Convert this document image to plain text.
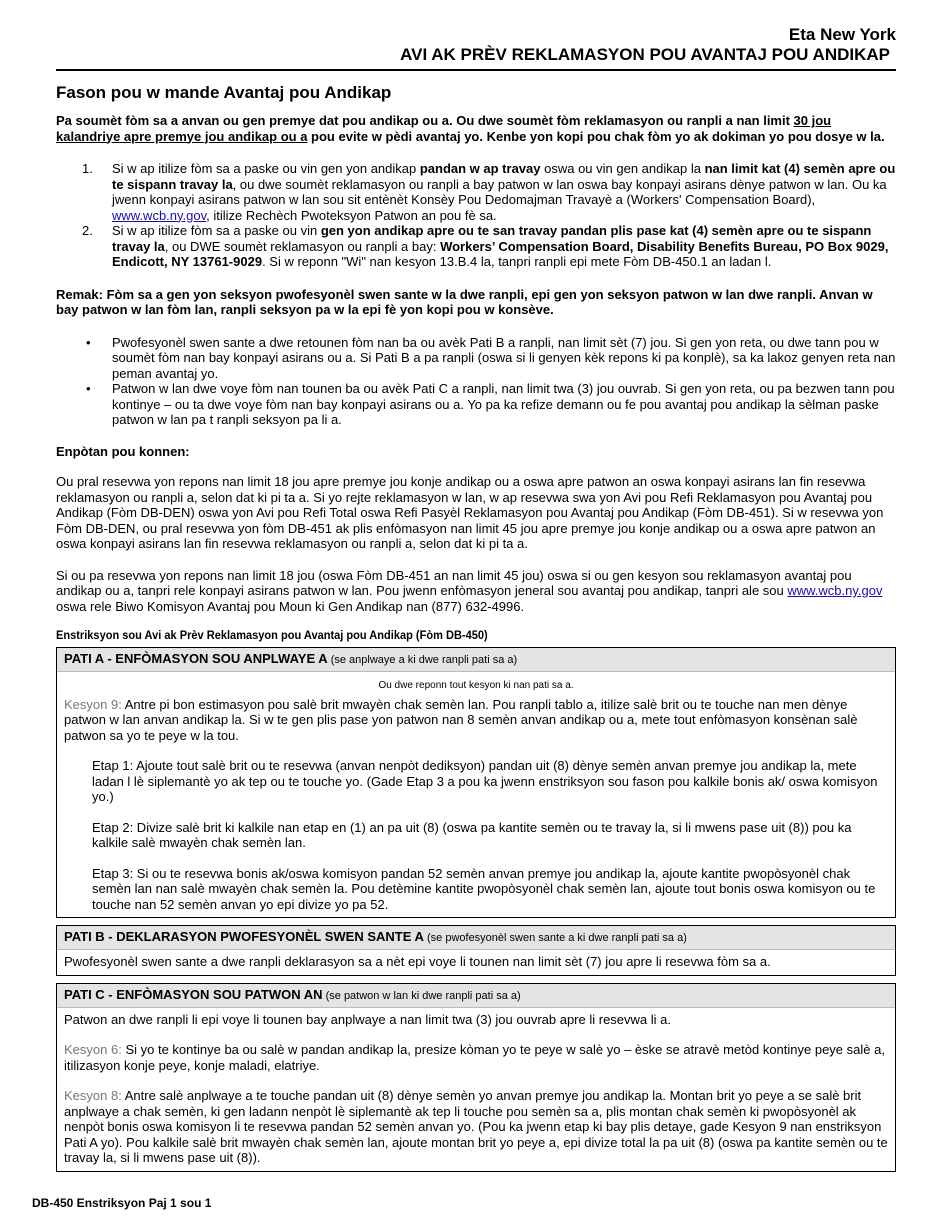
Eta New York
AVI AK PRÈV REKLAMASYON POU AVANTAJ POU ANDIKAP
Fason pou w mande Avantaj pou Andikap

Pa soumèt fòm sa a anvan ou gen premye dat pou andikap ou a. Ou dwe soumèt fòm reklamasyon ou ranpli a nan limit 30 jou kalandriye apre premye jou andikap ou a pou evite w pèdi avantaj yo. Kenbe yon kopi pou chak fòm yo ak dokiman yo pou dosye w la.

1. Si w ap itilize fòm sa a paske ou vin gen yon andikap pandan w ap travay oswa ou vin gen andikap la nan limit kat (4) semèn apre ou te sispann travay la, ou dwe soumèt reklamasyon ou ranpli a bay patwon w lan oswa bay konpayi asirans dènye patwon w lan. Ou ka jwenn konpayi asirans patwon w lan sou sit entènèt Konsèy Pou Dedomajman Travayè a (Workers' Compensation Board), www.wcb.ny.gov, itilize Rechèch Pwoteksyon Patwon an pou fè sa.
2. Si w ap itilize fòm sa a paske ou vin gen yon andikap apre ou te san travay pandan plis pase kat (4) semèn apre ou te sispann travay la, ou DWE soumèt reklamasyon ou ranpli a bay: Workers’ Compensation Board, Disability Benefits Bureau, PO Box 9029, Endicott, NY 13761-9029. Si w reponn "Wi" nan kesyon 13.B.4 la, tanpri ranpli epi mete Fòm DB-450.1 an ladan l.

Remak: Fòm sa a gen yon seksyon pwofesyonèl swen sante w la dwe ranpli, epi gen yon seksyon patwon w lan dwe ranpli. Anvan w bay patwon w lan fòm lan, ranpli seksyon pa w la epi fè yon kopi pou w konsève.

• Pwofesyonèl swen sante a dwe retounen fòm nan ba ou avèk Pati B a ranpli, nan limit sèt (7) jou. Si gen yon reta, ou dwe tann pou w soumèt fòm nan bay konpayi asirans ou a. Si Pati B a pa ranpli (oswa si li genyen kèk repons ki pa konplè), sa ka lakoz genyen reta nan peman avantaj yo.
• Patwon w lan dwe voye fòm nan tounen ba ou avèk Pati C a ranpli, nan limit twa (3) jou ouvrab. Si gen yon reta, ou pa bezwen tann pou kontinye – ou ta dwe voye fòm nan bay konpayi asirans ou a. Yo pa ka refize demann ou fe pou avantaj pou andikap la sèlman paske patwon w lan pa t ranpli seksyon pa li a.

Enpòtan pou konnen:

Ou pral resevwa yon repons nan limit 18 jou apre premye jou konje andikap ou a oswa apre patwon an oswa konpayi asirans lan fin resevwa reklamasyon ou ranpli a, selon dat ki pi ta a. Si yo rejte reklamasyon w lan, w ap resevwa swa yon Avi pou Refi Reklamasyon pou Avantaj pou Andikap (Fòm DB-DEN) oswa yon Avi pou Refi Total oswa Refi Pasyèl Reklamasyon pou Avantaj pou Andikap (Fòm DB-451). Si w resevwa yon Fòm DB-DEN, ou pral resevwa yon fòm DB-451 ak plis enfòmasyon nan limit 45 jou apre premye jou konje andikap ou a oswa apre patwon an oswa konpayi asirans lan fin resevwa reklamasyon ou ranpli a, selon dat ki pi ta a.

Si ou pa resevwa yon repons nan limit 18 jou (oswa Fòm DB-451 an nan limit 45 jou) oswa si ou gen kesyon sou reklamasyon avantaj pou andikap ou a, tanpri rele konpayi asirans patwon w lan. Pou jwenn enfòmasyon jeneral sou avantaj pou andikap, tanpri ale sou www.wcb.ny.gov oswa rele Biwo Komisyon Avantaj pou Moun ki Gen Andikap nan (877) 632-4996.

Enstriksyon sou Avi ak Prèv Reklamasyon pou Avantaj pou Andikap (Fòm DB-450)

PATI A - ENFÒMASYON SOU ANPLWAYE A (se anplwaye a ki dwe ranpli pati sa a)
Ou dwe reponn tout kesyon ki nan pati sa a.

Kesyon 9: Antre pi bon estimasyon pou salè brit mwayèn chak semèn lan. Pou ranpli tablo a, itilize salè brit ou te touche nan men dènye patwon w lan anvan andikap la. Si w te gen plis pase yon patwon nan 8 semèn anvan andikap ou a, mete tout enfòmasyon konsènan salè patwon sa yo te peye w la tou.

Etap 1: Ajoute tout salè brit ou te resevwa (anvan nenpòt dediksyon) pandan uit (8) dènye semèn anvan premye jou andikap la, mete ladan l lè siplemantè yo ak tep ou te touche yo. (Gade Etap 3 a pou ka jwenn enstriksyon sou fason pou kalkile bonis ak/ oswa komisyon yo.)

Etap 2: Divize salè brit ki kalkile nan etap en (1) an pa uit (8) (oswa pa kantite semèn ou te travay la, si li mwens pase uit (8)) pou ka kalkile salè mwayèn chak semèn lan.

Etap 3: Si ou te resevwa bonis ak/oswa komisyon pandan 52 semèn anvan premye jou andikap la, ajoute kantite pwopòsyonèl chak semèn lan nan salè mwayèn chak semèn la. Pou detèmine kantite pwopòsyonèl chak semèn lan, ajoute tout bonis oswa komisyon ou te touche nan 52 semèn anvan yo epi divize yo pa 52.

PATI B - DEKLARASYON PWOFESYONÈL SWEN SANTE A (se pwofesyonèl swen sante a ki dwe ranpli pati sa a)

Pwofesyonèl swen sante a dwe ranpli deklarasyon sa a nèt epi voye li tounen nan limit sèt (7) jou apre li resevwa fòm sa a.

PATI C - ENFÒMASYON SOU PATWON AN (se patwon w lan ki dwe ranpli pati sa a)

Patwon an dwe ranpli li epi voye li tounen bay anplwaye a nan limit twa (3) jou ouvrab apre li resevwa li a.

Kesyon 6: Si yo te kontinye ba ou salè w pandan andikap la, presize kòman yo te peye w salè yo – èske se atravè metòd kontinye peye salè a, itilizasyon konje peye, konje maladi, elatriye.

Kesyon 8: Antre salè anplwaye a te touche pandan uit (8) dènye semèn yo anvan premye jou andikap la. Montan brit yo peye a se salè brit anplwaye a chak semèn, ki gen ladann nenpòt lè siplemantè ak tep li touche pou semèn sa a, plis montan chak semèn ki pwopòsyonèl ak nenpòt bonis oswa komisyon li te resevwa pandan 52 semèn anvan yo. (Pou ka jwenn etap ki bay plis detaye, gade Kesyon 9 nan enstriksyon Pati A yo). Pou kalkile salè brit mwayèn chak semèn lan, ajoute montan brit yo peye a, epi divize total la pa uit (8) (oswa pa kantite semèn ou te travay la, si li mwens pase uit (8)).

DB-450 Enstriksyon Paj 1 sou 1
